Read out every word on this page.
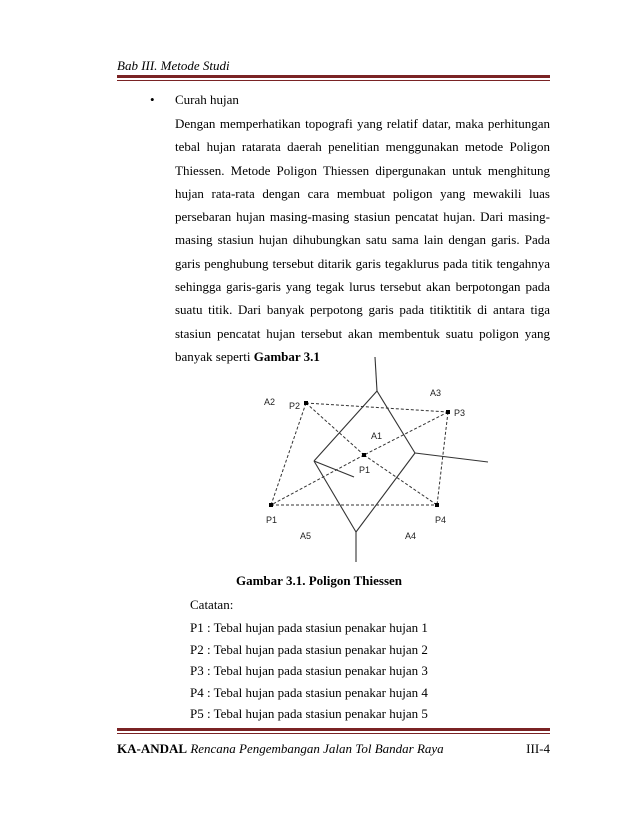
Bab III. Metode Studi
• Curah hujan
Dengan memperhatikan topografi yang relatif datar, maka perhitungan tebal hujan ratarata daerah penelitian menggunakan metode Poligon Thiessen. Metode Poligon Thiessen dipergunakan untuk menghitung hujan rata-rata dengan cara membuat poligon yang mewakili luas persebaran hujan masing-masing stasiun pencatat hujan. Dari masing-masing stasiun hujan dihubungkan satu sama lain dengan garis. Pada garis penghubung tersebut ditarik garis tegaklurus pada titik tengahnya sehingga garis-garis yang tegak lurus tersebut akan berpotongan pada suatu titik. Dari banyak perpotong garis pada titiktitik di antara tiga stasiun pencatat hujan tersebut akan membentuk suatu poligon yang banyak seperti Gambar 3.1
A2 P2
A3
P3
A1
P1
P1	P4
A5	A4
Gambar 3.1. Poligon Thiessen
Catatan:
P1 : Tebal hujan pada stasiun penakar hujan 1
P2 : Tebal hujan pada stasiun penakar hujan 2
P3 : Tebal hujan pada stasiun penakar hujan 3
P4 : Tebal hujan pada stasiun penakar hujan 4
P5 : Tebal hujan pada stasiun penakar hujan 5
KA-ANDAL Rencana Pengembangan Jalan Tol Bandar Raya	III-4
